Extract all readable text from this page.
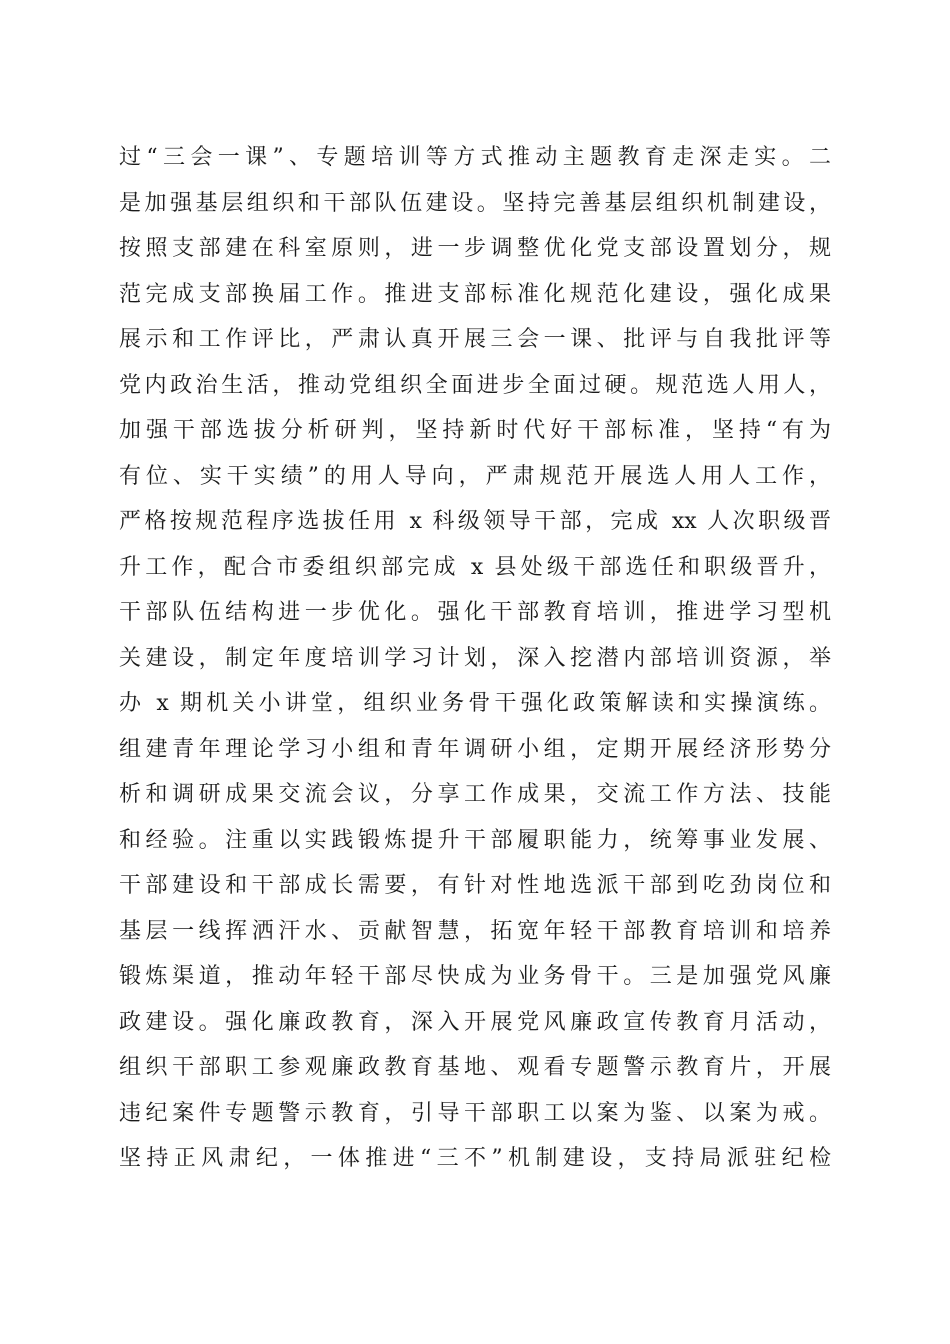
过“三会一课”、专题培训等方式推动主题教育走深走实。二
是加强基层组织和干部队伍建设。坚持完善基层组织机制建设，
按照支部建在科室原则，进一步调整优化党支部设置划分，规
范完成支部换届工作。推进支部标准化规范化建设，强化成果
展示和工作评比，严肃认真开展三会一课、批评与自我批评等
党内政治生活，推动党组织全面进步全面过硬。规范选人用人，
加强干部选拔分析研判，坚持新时代好干部标准，坚持“有为
有位、实干实绩”的用人导向，严肃规范开展选人用人工作，
严格按规范程序选拔任用 x 科级领导干部，完成 xx 人次职级晋
升工作，配合市委组织部完成 x 县处级干部选任和职级晋升，
干部队伍结构进一步优化。强化干部教育培训，推进学习型机
关建设，制定年度培训学习计划，深入挖潜内部培训资源，举
办 x 期机关小讲堂，组织业务骨干强化政策解读和实操演练。
组建青年理论学习小组和青年调研小组，定期开展经济形势分
析和调研成果交流会议，分享工作成果，交流工作方法、技能
和经验。注重以实践锻炼提升干部履职能力，统筹事业发展、
干部建设和干部成长需要，有针对性地选派干部到吃劲岗位和
基层一线挥洒汗水、贡献智慧，拓宽年轻干部教育培训和培养
锻炼渠道，推动年轻干部尽快成为业务骨干。三是加强党风廉
政建设。强化廉政教育，深入开展党风廉政宣传教育月活动，
组织干部职工参观廉政教育基地、观看专题警示教育片，开展
违纪案件专题警示教育，引导干部职工以案为鉴、以案为戒。
坚持正风肃纪，一体推进“三不”机制建设，支持局派驻纪检
